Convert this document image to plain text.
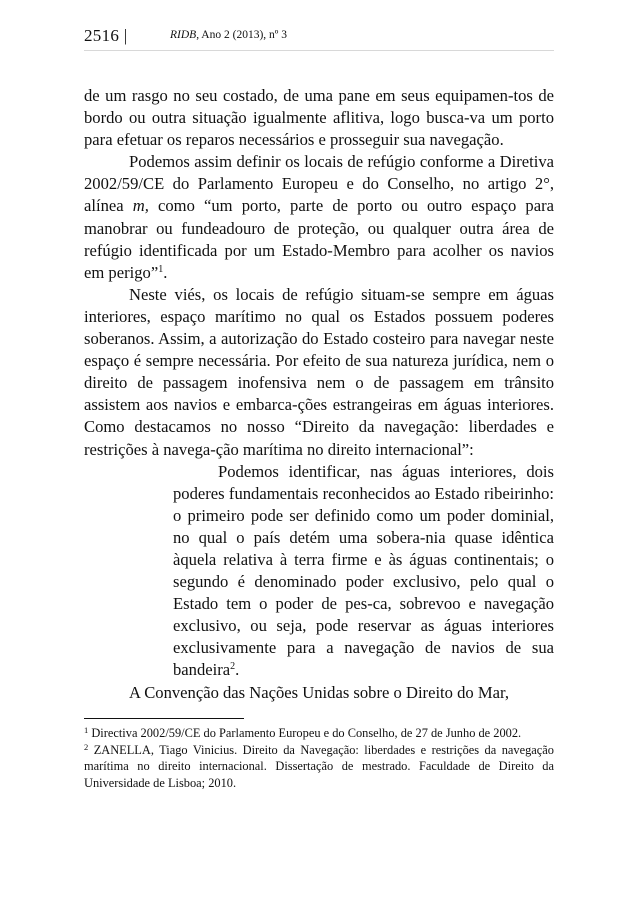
2516 |	RIDB, Ano 2 (2013), nº 3

de um rasgo no seu costado, de uma pane em seus equipamen-tos de bordo ou outra situação igualmente aflitiva, logo busca-va um porto para efetuar os reparos necessários e prosseguir sua navegação.

Podemos assim definir os locais de refúgio conforme a Diretiva 2002/59/CE do Parlamento Europeu e do Conselho, no artigo 2°, alínea m, como “um porto, parte de porto ou outro espaço para manobrar ou fundeadouro de proteção, ou qualquer outra área de refúgio identificada por um Estado-Membro para acolher os navios em perigo”$^1$.

Neste viés, os locais de refúgio situam-se sempre em águas interiores, espaço marítimo no qual os Estados possuem poderes soberanos. Assim, a autorização do Estado costeiro para navegar neste espaço é sempre necessária. Por efeito de sua natureza jurídica, nem o direito de passagem inofensiva nem o de passagem em trânsito assistem aos navios e embarca-ções estrangeiras em águas interiores. Como destacamos no nosso “Direito da navegação: liberdades e restrições à navega-ção marítima no direito internacional”:

Podemos identificar, nas águas interiores, dois poderes fundamentais reconhecidos ao Estado ribeirinho: o primeiro pode ser definido como um poder dominial, no qual o país detém uma sobera-nia quase idêntica àquela relativa à terra firme e às águas continentais; o segundo é denominado poder exclusivo, pelo qual o Estado tem o poder de pes-ca, sobrevoo e navegação exclusivo, ou seja, pode reservar as águas interiores exclusivamente para a navegação de navios de sua bandeira$^2$.

A Convenção das Nações Unidas sobre o Direito do Mar,

$^1$ Directiva 2002/59/CE do Parlamento Europeu e do Conselho, de 27 de Junho de 2002.

$^2$ ZANELLA, Tiago Vinicius. Direito da Navegação: liberdades e restrições da navegação marítima no direito internacional. Dissertação de mestrado. Faculdade de Direito da Universidade de Lisboa; 2010.
